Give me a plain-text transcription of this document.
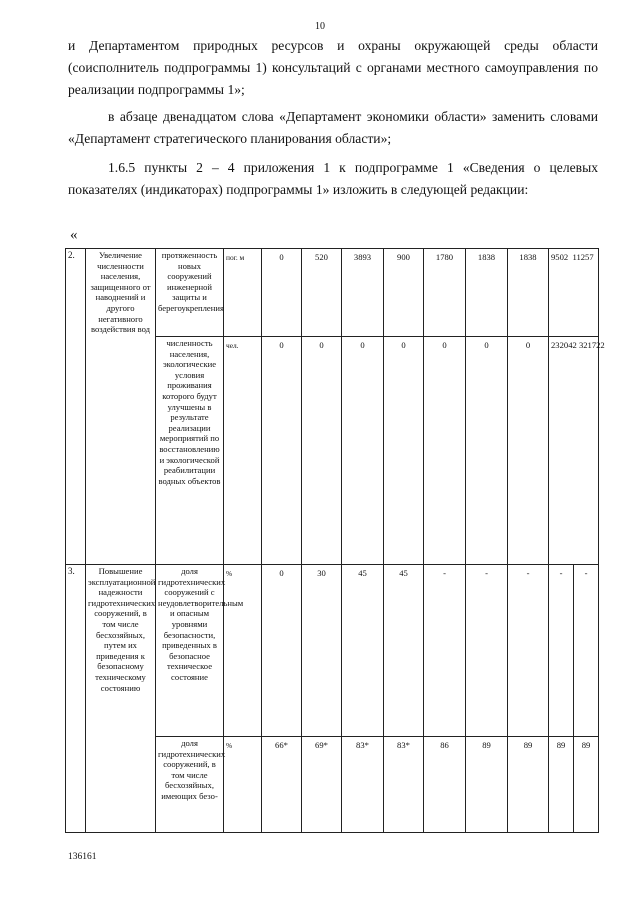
10

и Департаментом природных ресурсов и охраны окружающей среды области (соисполнитель подпрограммы 1) консультаций с органами местного самоуправления по реализации подпрограммы 1»;

в абзаце двенадцатом слова «Департамент экономики области» заменить словами «Департамент стратегического планирования области»;

1.6.5 пункты 2 – 4 приложения 1 к подпрограмме 1 «Сведения о целевых показателях (индикаторах) подпрограммы 1» изложить в следующей редакции:

«
2.	Увеличение численности населения, защищенного от наводнений и другого негативного воздействия вод	протяженность новых сооружений инженерной защиты и берегоукрепления	пог. м	0	520	3893	900	1780	1838	1838	9502 11257	
		численность населения, экологические условия проживания которого будут улучшены в результате реализации мероприятий по восстановлению и экологической реабилитации водных объектов	чел.	0	0	0	0	0	0	0	232042 321722	
3.	Повышение эксплуатационной надежности гидротехнических сооружений, в том числе бесхозяйных, путем их приведения к безопасному техническому состоянию	доля гидротехнических сооружений с неудовлетворительным и опасным уровнями безопасности, приведенных в безопасное техническое состояние	%	0	30	45	45	-	-	-	-	-
		доля гидротехнических сооружений, в том числе бесхозяйных, имеющих безо-	%	66*	69*	83*	83*	86	89	89	89	89
136161
